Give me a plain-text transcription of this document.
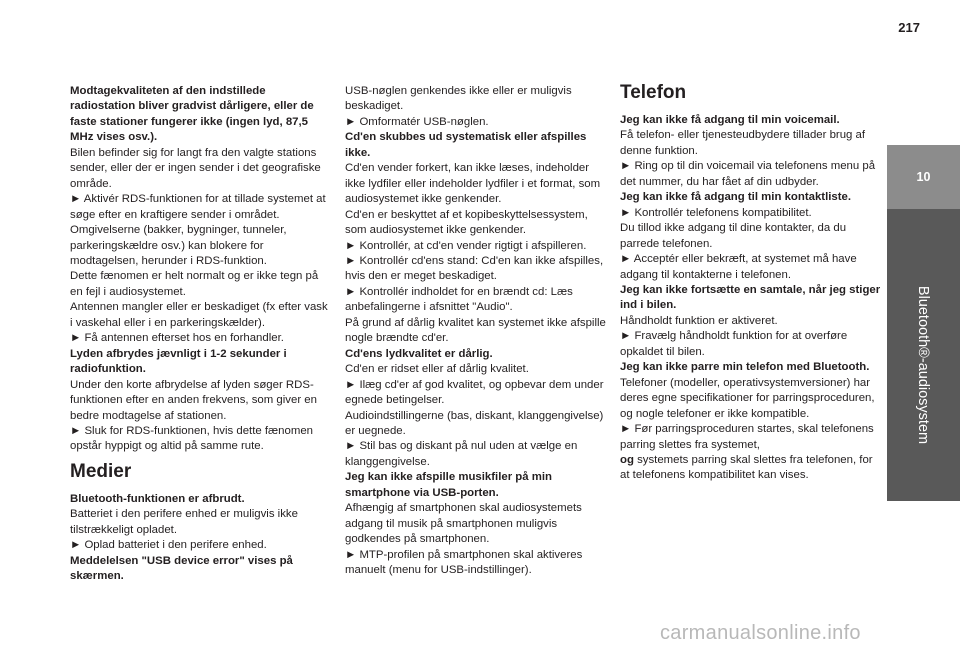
217
10
Bluetooth®-audiosystem

Modtagekvaliteten af den indstillede radiostation bliver gradvist dårligere, eller de faste stationer fungerer ikke (ingen lyd, 87,5 MHz vises osv.).

Bilen befinder sig for langt fra den valgte stations sender, eller der er ingen sender i det geografiske område.

► Aktivér RDS-funktionen for at tillade systemet at søge efter en kraftigere sender i området.

Omgivelserne (bakker, bygninger, tunneler, parkeringskældre osv.) kan blokere for modtagelsen, herunder i RDS-funktion.

Dette fænomen er helt normalt og er ikke tegn på en fejl i audiosystemet.

Antennen mangler eller er beskadiget (fx efter vask i vaskehal eller i en parkeringskælder).

► Få antennen efterset hos en forhandler.

Lyden afbrydes jævnligt i 1-2 sekunder i radiofunktion.

Under den korte afbrydelse af lyden søger RDS-funktionen efter en anden frekvens, som giver en bedre modtagelse af stationen.

► Sluk for RDS-funktionen, hvis dette fænomen opstår hyppigt og altid på samme rute.

Medier

Bluetooth-funktionen er afbrudt.

Batteriet i den perifere enhed er muligvis ikke tilstrækkeligt opladet.

► Oplad batteriet i den perifere enhed.

Meddelelsen "USB device error" vises på skærmen.

USB-nøglen genkendes ikke eller er muligvis beskadiget.

► Omformatér USB-nøglen.

Cd'en skubbes ud systematisk eller afspilles ikke.

Cd'en vender forkert, kan ikke læses, indeholder ikke lydfiler eller indeholder lydfiler i et format, som audiosystemet ikke genkender.

Cd'en er beskyttet af et kopibeskyttelsessystem, som audiosystemet ikke genkender.

► Kontrollér, at cd'en vender rigtigt i afspilleren.

► Kontrollér cd'ens stand: Cd'en kan ikke afspilles, hvis den er meget beskadiget.

► Kontrollér indholdet for en brændt cd: Læs anbefalingerne i afsnittet "Audio".

På grund af dårlig kvalitet kan systemet ikke afspille nogle brændte cd'er.

Cd'ens lydkvalitet er dårlig.

Cd'en er ridset eller af dårlig kvalitet.

► Ilæg cd'er af god kvalitet, og opbevar dem under egnede betingelser.

Audioindstillingerne (bas, diskant, klanggengivelse) er uegnede.

► Stil bas og diskant på nul uden at vælge en klanggengivelse.

Jeg kan ikke afspille musikfiler på min smartphone via USB-porten.

Afhængig af smartphonen skal audiosystemets adgang til musik på smartphonen muligvis godkendes på smartphonen.

► MTP-profilen på smartphonen skal aktiveres manuelt (menu for USB-indstillinger).

Telefon

Jeg kan ikke få adgang til min voicemail.

Få telefon- eller tjenesteudbydere tillader brug af denne funktion.

► Ring op til din voicemail via telefonens menu på det nummer, du har fået af din udbyder.

Jeg kan ikke få adgang til min kontaktliste.

► Kontrollér telefonens kompatibilitet.

Du tillod ikke adgang til dine kontakter, da du parrede telefonen.

► Acceptér eller bekræft, at systemet må have adgang til kontakterne i telefonen.

Jeg kan ikke fortsætte en samtale, når jeg stiger ind i bilen.

Håndholdt funktion er aktiveret.

► Fravælg håndholdt funktion for at overføre opkaldet til bilen.

Jeg kan ikke parre min telefon med Bluetooth.

Telefoner (modeller, operativsystemversioner) har deres egne specifikationer for parringsproceduren, og nogle telefoner er ikke kompatible.

► Før parringsproceduren startes, skal telefonens parring slettes fra systemet,

og systemets parring skal slettes fra telefonen, for at telefonens kompatibilitet kan vises.

carmanualsonline.info
